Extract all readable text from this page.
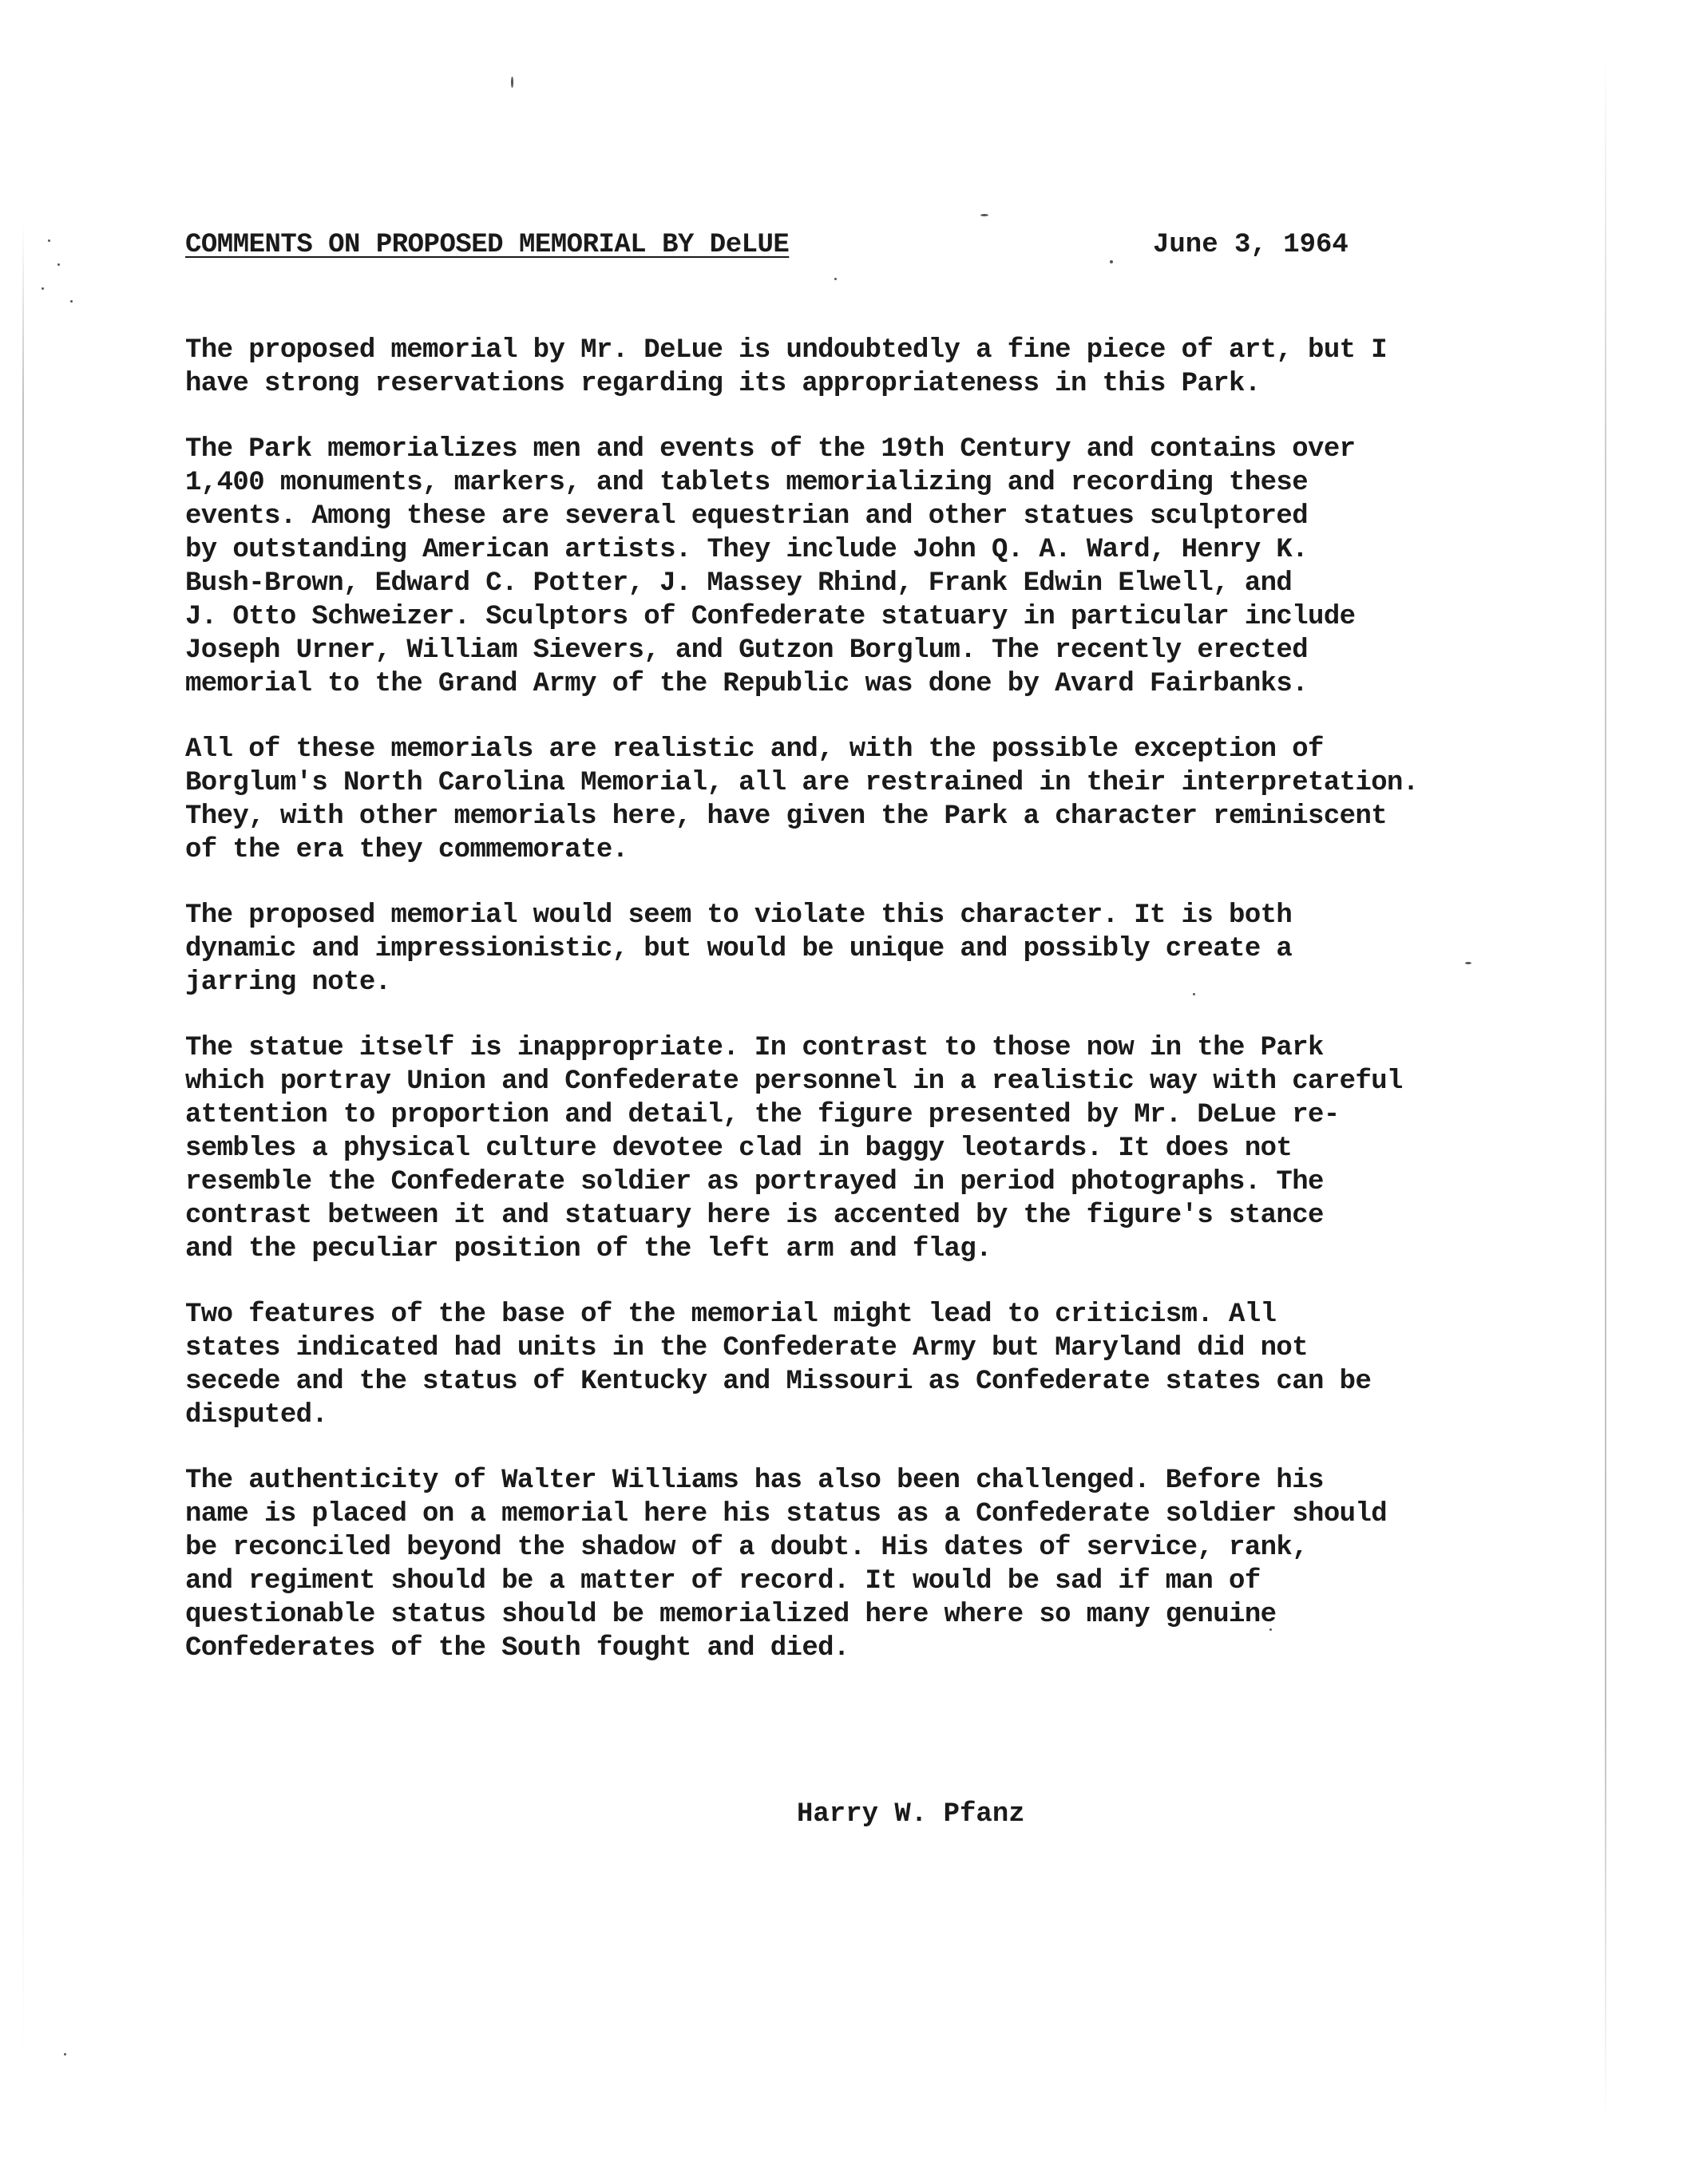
COMMENTS ON PROPOSED MEMORIAL BY DeLUE	June 3, 1964
The proposed memorial by Mr. DeLue is undoubtedly a fine piece of art, but I
have strong reservations regarding its appropriateness in this Park.
The Park memorializes men and events of the 19th Century and contains over
1,400 monuments, markers, and tablets memorializing and recording these
events. Among these are several equestrian and other statues sculptored
by outstanding American artists. They include John Q. A. Ward, Henry K.
Bush-Brown, Edward C. Potter, J. Massey Rhind, Frank Edwin Elwell, and
J. Otto Schweizer. Sculptors of Confederate statuary in particular include
Joseph Urner, William Sievers, and Gutzon Borglum. The recently erected
memorial to the Grand Army of the Republic was done by Avard Fairbanks.
All of these memorials are realistic and, with the possible exception of
Borglum's North Carolina Memorial, all are restrained in their interpretation.
They, with other memorials here, have given the Park a character reminiscent
of the era they commemorate.
The proposed memorial would seem to violate this character. It is both
dynamic and impressionistic, but would be unique and possibly create a
jarring note.
The statue itself is inappropriate. In contrast to those now in the Park
which portray Union and Confederate personnel in a realistic way with careful
attention to proportion and detail, the figure presented by Mr. DeLue re-
sembles a physical culture devotee clad in baggy leotards. It does not
resemble the Confederate soldier as portrayed in period photographs. The
contrast between it and statuary here is accented by the figure's stance
and the peculiar position of the left arm and flag.
Two features of the base of the memorial might lead to criticism. All
states indicated had units in the Confederate Army but Maryland did not
secede and the status of Kentucky and Missouri as Confederate states can be
disputed.
The authenticity of Walter Williams has also been challenged. Before his
name is placed on a memorial here his status as a Confederate soldier should
be reconciled beyond the shadow of a doubt. His dates of service, rank,
and regiment should be a matter of record. It would be sad if man of
questionable status should be memorialized here where so many genuine
Confederates of the South fought and died.
Harry W. Pfanz
